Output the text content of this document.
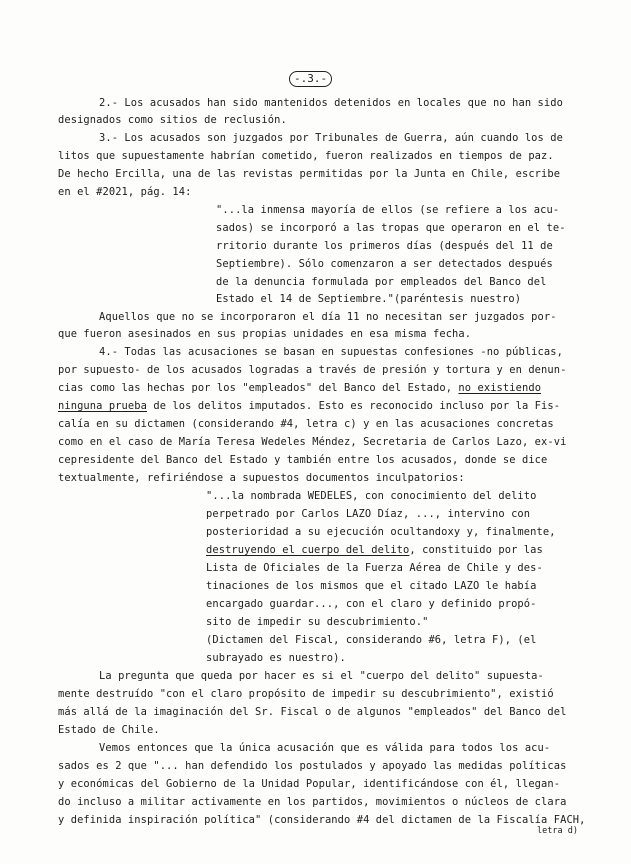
-.3.-

2.- Los acusados han sido mantenidos detenidos en locales que no han sido

designados como sitios de reclusión.

3.- Los acusados son juzgados por Tribunales de Guerra, aún cuando los de

litos que supuestamente habrían cometido, fueron realizados en tiempos de paz.

De hecho Ercilla, una de las revistas permitidas por la Junta en Chile, escribe

en el #2021, pág. 14:

"...la inmensa mayoría de ellos (se refiere a los acu-

sados) se incorporó a las tropas que operaron en el te-

rritorio durante los primeros días (después del 11 de

Septiembre). Sólo comenzaron a ser detectados después

de la denuncia formulada por empleados del Banco del

Estado el 14 de Septiembre."(paréntesis nuestro)

Aquellos que no se incorporaron el día 11 no necesitan ser juzgados por-

que fueron asesinados en sus propias unidades en esa misma fecha.

4.- Todas las acusaciones se basan en supuestas confesiones -no públicas,

por supuesto- de los acusados logradas a través de presión y tortura y en denun-

cias como las hechas por los "empleados" del Banco del Estado, no existiendo

ninguna prueba de los delitos imputados. Esto es reconocido incluso por la Fis-

calía en su dictamen (considerando #4, letra c) y en las acusaciones concretas

como en el caso de María Teresa Wedeles Méndez, Secretaria de Carlos Lazo, ex-vi

cepresidente del Banco del Estado y también entre los acusados, donde se dice

textualmente, refiriéndose a supuestos documentos inculpatorios:

"...la nombrada WEDELES, con conocimiento del delito

perpetrado por Carlos LAZO Díaz, ..., intervino con

posterioridad a su ejecución ocultandoxy y, finalmente,

destruyendo el cuerpo del delito, constituido por las

Lista de Oficiales de la Fuerza Aérea de Chile y des-

tinaciones de los mismos que el citado LAZO le había

encargado guardar..., con el claro y definido propó-

sito de impedir su descubrimiento."

(Dictamen del Fiscal, considerando #6, letra F), (el

subrayado es nuestro).

La pregunta que queda por hacer es si el "cuerpo del delito" supuesta-

mente destruído "con el claro propósito de impedir su descubrimiento", existió

más allá de la imaginación del Sr. Fiscal o de algunos "empleados" del Banco del

Estado de Chile.

Vemos entonces que la única acusación que es válida para todos los acu-

sados es 2 que "... han defendido los postulados y apoyado las medidas políticas

y económicas del Gobierno de la Unidad Popular, identificándose con él, llegan-

do incluso a militar activamente en los partidos, movimientos o núcleos de clara

y definida inspiración política" (considerando #4 del dictamen de la Fiscalía FACH,

letra d)
